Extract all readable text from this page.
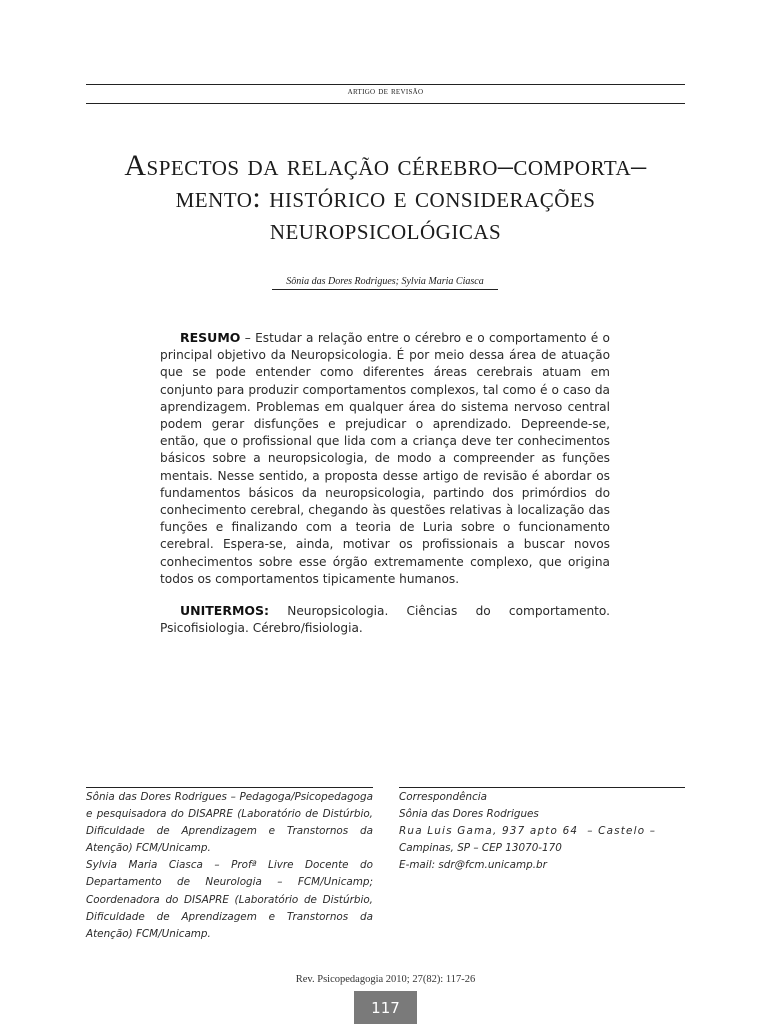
artigo de revisão
Aspectos da relação cérebro–comporta–
mento: histórico e considerações
neuropsicológicas
Sônia das Dores Rodrigues; Sylvia Maria Ciasca

RESUMO – Estudar a relação entre o cérebro e o comportamento é o principal objetivo da Neuropsicologia. É por meio dessa área de atuação que se pode entender como diferentes áreas cerebrais atuam em conjunto para produzir comportamentos complexos, tal como é o caso da aprendizagem. Problemas em qualquer área do sistema nervoso central podem gerar disfunções e prejudicar o aprendizado. Depreende-se, então, que o profissional que lida com a criança deve ter conhecimentos básicos sobre a neuropsicologia, de modo a compreender as funções mentais. Nesse sentido, a proposta desse artigo de revisão é abordar os fundamentos básicos da neuropsicologia, partindo dos primórdios do conhecimento cerebral, chegando às questões relativas à localização das funções e finalizando com a teoria de Luria sobre o funcionamento cerebral. Espera-se, ainda, motivar os profissionais a buscar novos conhecimentos sobre esse órgão extremamente complexo, que origina todos os comportamentos tipicamente humanos.

UNITERMOS: Neuropsicologia. Ciências do comportamento. Psicofisiologia. Cérebro/fisiologia.

Sônia das Dores Rodrigues – Pedagoga/Psicopedagoga e pesquisadora do DISAPRE (Laboratório de Distúrbio, Dificuldade de Aprendizagem e Transtornos da Atenção) FCM/Unicamp.
Sylvia Maria Ciasca – Profª Livre Docente do Departamento de Neurologia – FCM/Unicamp; Coordenadora do DISAPRE (Laboratório de Distúrbio, Dificuldade de Aprendizagem e Transtornos da Atenção) FCM/Unicamp.
Correspondência
Sônia das Dores Rodrigues
Rua Luis Gama, 937 apto 64  – Castelo –
Campinas, SP – CEP 13070-170
E-mail: sdr@fcm.unicamp.br
Rev. Psicopedagogia 2010; 27(82): 117-26
117
